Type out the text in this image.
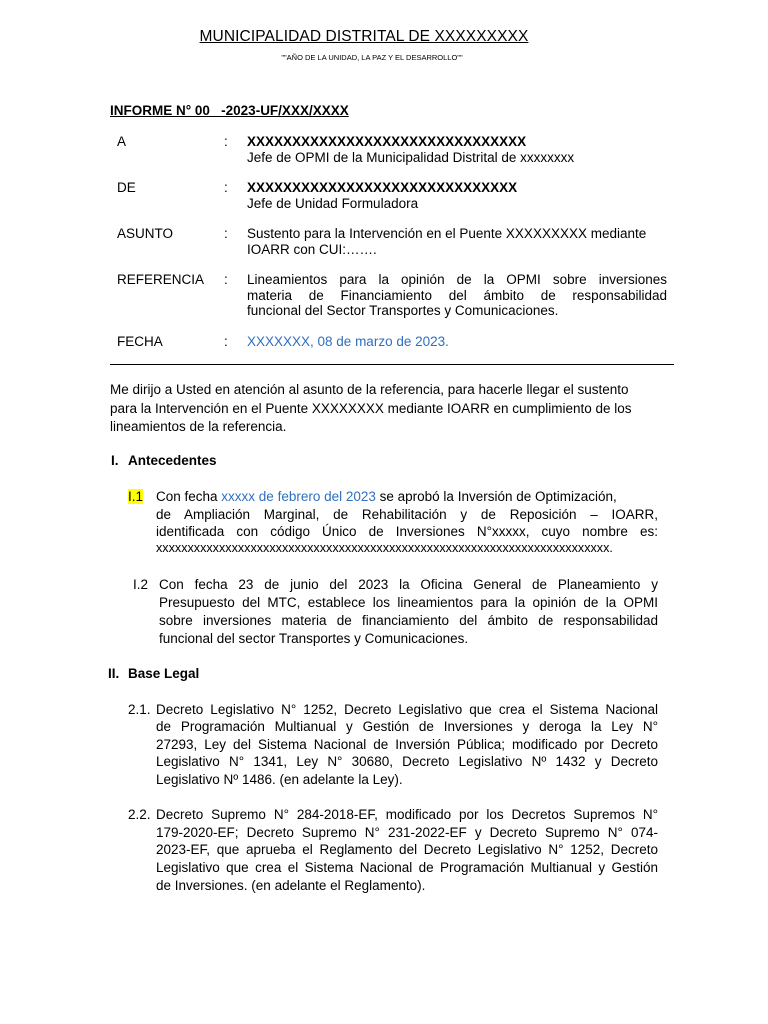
MUNICIPALIDAD DISTRITAL DE XXXXXXXXX
""AÑO DE LA UNIDAD, LA PAZ Y EL DESARROLLO""
INFORME N° 00   -2023-UF/XXX/XXXX
A	: XXXXXXXXXXXXXXXXXXXXXXXXXXXXXXX
Jefe de OPMI de la Municipalidad Distrital de xxxxxxxx
DE	: XXXXXXXXXXXXXXXXXXXXXXXXXXXXXX
Jefe de Unidad Formuladora
ASUNTO	: Sustento para la Intervención en el Puente XXXXXXXXX mediante
IOARR con CUI:…….
REFERENCIA : Lineamientos para la opinión de la OPMI sobre inversiones
materia de Financiamiento del ámbito de responsabilidad
funcional del Sector Transportes y Comunicaciones.
FECHA	: XXXXXXX, 08 de marzo de 2023.
Me dirijo a Usted en atención al asunto de la referencia, para hacerle llegar el sustento
para la Intervención en el Puente XXXXXXXX mediante IOARR en cumplimiento de los
lineamientos de la referencia.
I. Antecedentes
I.1 Con fecha xxxxx de febrero del 2023 se aprobó la Inversión de Optimización,
de Ampliación Marginal, de Rehabilitación y de Reposición – IOARR,
identificada con código Único de Inversiones N°xxxxx, cuyo nombre es:
xxxxxxxxxxxxxxxxxxxxxxxxxxxxxxxxxxxxxxxxxxxxxxxxxxxxxxxxxxxxxxxxxxxxxxxx.
I.2 Con fecha 23 de junio del 2023 la Oficina General de Planeamiento y
Presupuesto del MTC, establece los lineamientos para la opinión de la OPMI
sobre inversiones materia de financiamiento del ámbito de responsabilidad
funcional del sector Transportes y Comunicaciones.
II. Base Legal
2.1. Decreto Legislativo N° 1252, Decreto Legislativo que crea el Sistema Nacional
de Programación Multianual y Gestión de Inversiones y deroga la Ley N°
27293, Ley del Sistema Nacional de Inversión Pública; modificado por Decreto
Legislativo N° 1341, Ley N° 30680, Decreto Legislativo Nº 1432 y Decreto
Legislativo Nº 1486. (en adelante la Ley).
2.2. Decreto Supremo N° 284-2018-EF, modificado por los Decretos Supremos N°
179-2020-EF; Decreto Supremo N° 231-2022-EF y Decreto Supremo N° 074-
2023-EF, que aprueba el Reglamento del Decreto Legislativo N° 1252, Decreto
Legislativo que crea el Sistema Nacional de Programación Multianual y Gestión
de Inversiones. (en adelante el Reglamento).
